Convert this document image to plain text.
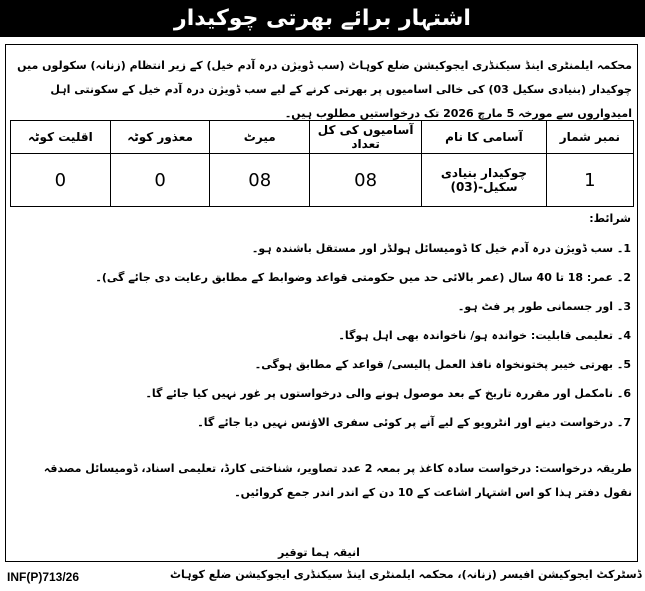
اشتہار برائے بھرتی چوکیدار
محکمہ ایلمنٹری اینڈ سیکنڈری ایجوکیشن ضلع کوہاٹ (سب ڈویژن درہ آدم خیل) کے زیر انتظام (زنانہ) سکولوں میں چوکیدار (بنیادی سکیل 03) کی خالی اسامیوں پر بھرتی کرنے کے لیے سب ڈویژن درہ آدم خیل کے سکونتی اہل امیدواروں سے مورخہ 5 مارچ 2026 تک درخواستیں مطلوب ہیں۔
نمبر شمار	آسامی کا نام	آسامیوں کی کل تعداد	میرٹ	معذور کوٹہ	اقلیت کوٹہ
1	چوکیدار بنیادی سکیل-(03)	08	08	0	0
شرائط:
1۔ سب ڈویژن درہ آدم خیل کا ڈومیسائل ہولڈر اور مستقل باشندہ ہو۔
2۔ عمر: 18 تا 40 سال (عمر بالائی حد میں حکومتی قواعد وضوابط کے مطابق رعایت دی جائے گی)۔
3۔ اور جسمانی طور پر فٹ ہو۔
4۔ تعلیمی قابلیت: خواندہ ہو/ ناخواندہ بھی اہل ہوگا۔
5۔ بھرتی خیبر پختونخواہ نافذ العمل پالیسی/ قواعد کے مطابق ہوگی۔
6۔ نامکمل اور مقررہ تاریخ کے بعد موصول ہونے والی درخواستوں پر غور نہیں کیا جائے گا۔
7۔ درخواست دینے اور انٹرویو کے لیے آنے پر کوئی سفری الاؤنس نہیں دیا جائے گا۔
طریقہ درخواست: درخواست سادہ کاغذ پر بمعہ 2 عدد تصاویر، شناختی کارڈ، تعلیمی اسناد، ڈومیسائل مصدقہ نقول دفتر ہذا کو اس اشتہار اشاعت کے 10 دن کے اندر اندر جمع کروائیں۔
انیقہ ہما توقیر
ڈسٹرکٹ ایجوکیشن افیسر (زنانہ)، محکمہ ایلمنٹری اینڈ سیکنڈری ایجوکیشن ضلع کوہاٹ
INF(P)713/26
